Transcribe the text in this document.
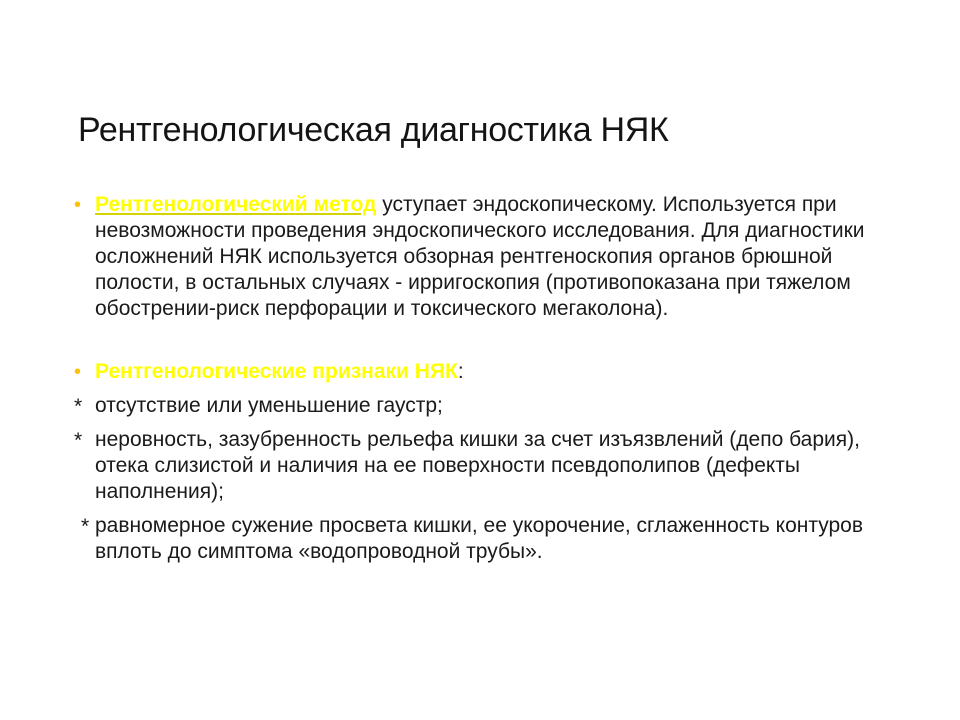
Рентгенологическая диагностика НЯК

• Рентгенологический метод уступает эндоскопическому. Используется при невозможности проведения эндоскопического исследования. Для диагностики осложнений НЯК используется обзорная рентгеноскопия органов брюшной полости, в остальных случаях - ирригоскопия (противопоказана при тяжелом обострении-риск перфорации и токсического мегаколона).

• Рентгенологические признаки НЯК:

* отсутствие или уменьшение гаустр;

* неровность, зазубренность рельефа кишки за счет изъязвлений (депо бария), отека слизистой и наличия на ее поверхности псевдополипов (дефекты наполнения);

* равномерное сужение просвета кишки, ее укорочение, сглаженность контуров вплоть до симптома «водопроводной трубы».
